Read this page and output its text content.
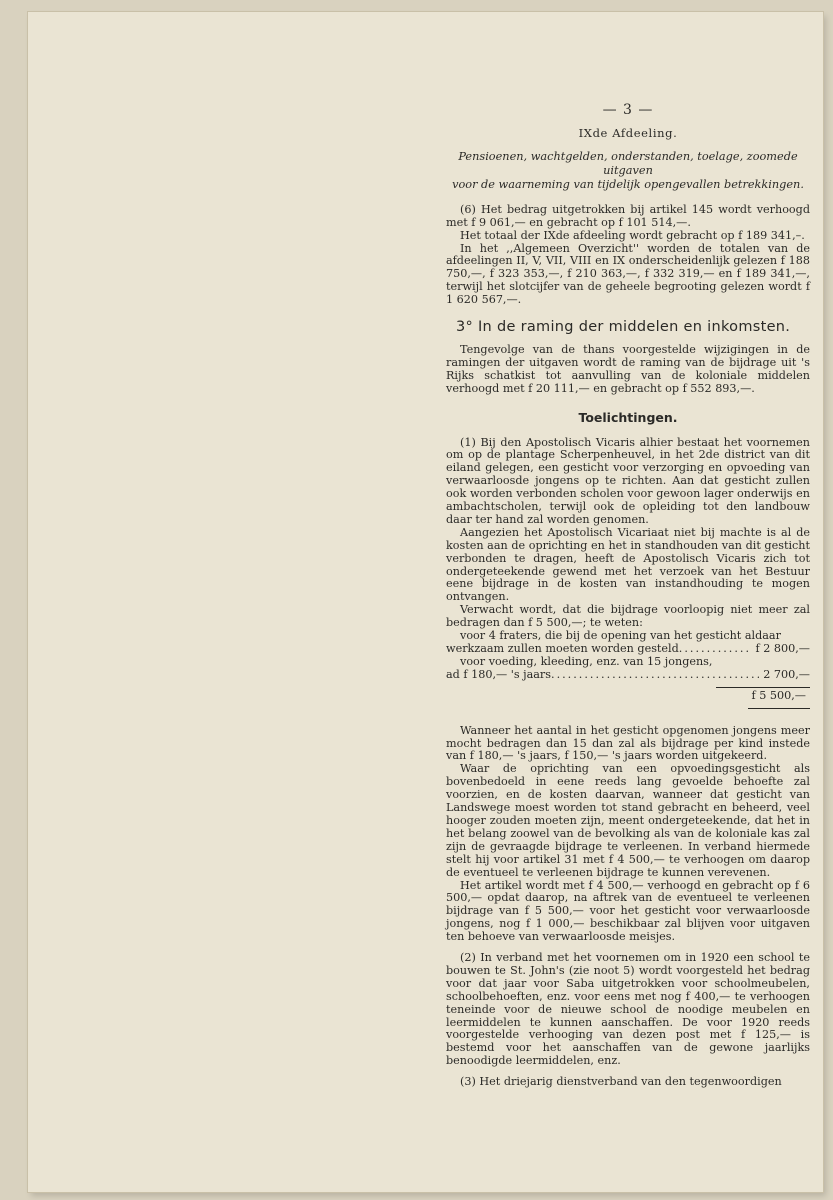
— 3 —
IXde Afdeeling.
Pensioenen, wachtgelden, onderstanden, toelage, zoomede uitgaven
voor de waarneming van tijdelijk opengevallen betrekkingen.

(6) Het bedrag uitgetrokken bij artikel 145 wordt verhoogd met f 9 061,— en gebracht op f 101 514,—.

Het totaal der IXde afdeeling wordt gebracht op f 189 341,–.

In het ,,Algemeen Overzicht'' worden de totalen van de afdeelingen II, V, VII, VIII en IX onderscheidenlijk gelezen f 188 750,—, f 323 353,—, f 210 363,—, f 332 319,— en f 189 341,—, terwijl het slotcijfer van de geheele begrooting gelezen wordt f 1 620 567,—.

3° In de raming der middelen en inkomsten.

Tengevolge van de thans voorgestelde wijzigingen in de ramingen der uitgaven wordt de raming van de bijdrage uit 's Rijks schatkist tot aanvulling van de koloniale middelen verhoogd met f 20 111,— en gebracht op f 552 893,—.

Toelichtingen.

(1) Bij den Apostolisch Vicaris alhier bestaat het voornemen om op de plantage Scherpenheuvel, in het 2de district van dit eiland gelegen, een gesticht voor verzorging en opvoeding van verwaarloosde jongens op te richten. Aan dat gesticht zullen ook worden verbonden scholen voor gewoon lager onderwijs en ambachtscholen, terwijl ook de opleiding tot den landbouw daar ter hand zal worden genomen.

Aangezien het Apostolisch Vicariaat niet bij machte is al de kosten aan de oprichting en het in standhouden van dit gesticht verbonden te dragen, heeft de Apostolisch Vicaris zich tot ondergeteekende gewend met het verzoek van het Bestuur eene bijdrage in de kosten van instandhouding te mogen ontvangen.

Verwacht wordt, dat die bijdrage voorloopig niet meer zal bedragen dan f 5 500,—; te weten:

voor 4 fraters, die bij de opening van het gesticht aldaar
werkzaam zullen moeten worden gesteld .....	f 2 800,—
voor voeding, kleeding, enz. van 15 jongens,
ad f 180,— 's jaars .....	2 700,—
f 5 500,—

Wanneer het aantal in het gesticht opgenomen jongens meer mocht bedragen dan 15 dan zal als bijdrage per kind instede van f 180,— 's jaars, f 150,— 's jaars worden uitgekeerd.

Waar de oprichting van een opvoedingsgesticht als bovenbedoeld in eene reeds lang gevoelde behoefte zal voorzien, en de kosten daarvan, wanneer dat gesticht van Landswege moest worden tot stand gebracht en beheerd, veel hooger zouden moeten zijn, meent ondergeteekende, dat het in het belang zoowel van de bevolking als van de koloniale kas zal zijn de gevraagde bijdrage te verleenen. In verband hiermede stelt hij voor artikel 31 met f 4 500,— te verhoogen om daarop de eventueel te verleenen bijdrage te kunnen verevenen.

Het artikel wordt met f 4 500,— verhoogd en gebracht op f 6 500,— opdat daarop, na aftrek van de eventueel te verleenen bijdrage van f 5 500,— voor het gesticht voor verwaarloosde jongens, nog f 1 000,— beschikbaar zal blijven voor uitgaven ten behoeve van verwaarloosde meisjes.

(2) In verband met het voornemen om in 1920 een school te bouwen te St. John's (zie noot 5) wordt voorgesteld het bedrag voor dat jaar voor Saba uitgetrokken voor schoolmeubelen, schoolbehoeften, enz. voor eens met nog f 400,— te verhoogen teneinde voor de nieuwe school de noodige meubelen en leermiddelen te kunnen aanschaffen. De voor 1920 reeds voorgestelde verhooging van dezen post met f 125,— is bestemd voor het aanschaffen van de gewone jaarlijks benoodigde leermiddelen, enz.

(3) Het driejarig dienstverband van den tegenwoordigen
